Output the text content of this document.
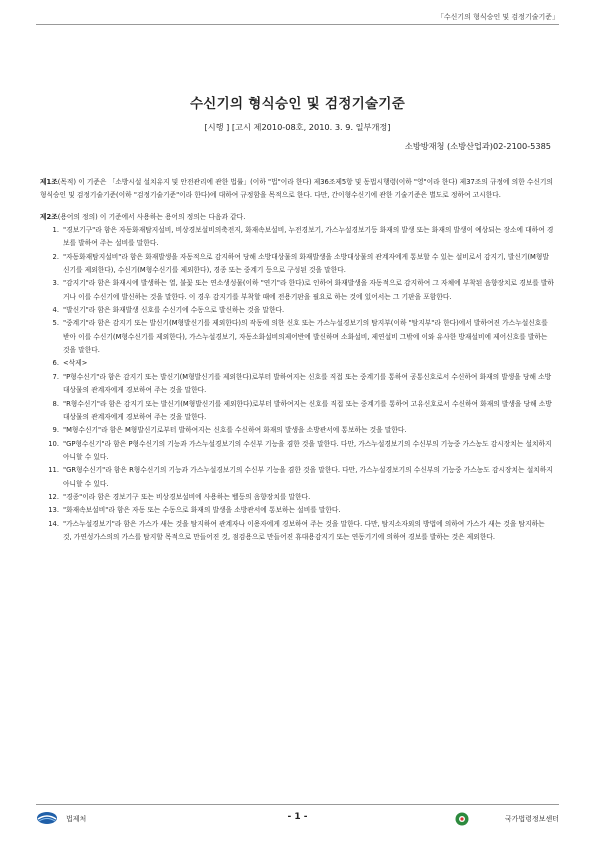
「수신기의 형식승인 및 검정기술기준」
수신기의 형식승인 및 검정기술기준
[시행 ] [고시 제2010-08호, 2010. 3. 9. 일부개정]
소방방재청 (소방산업과)02-2100-5385
제1조(목적) 이 기준은 「소방시설 설치유지 및 안전관리에 관한 법률」(이하 "법"이라 한다) 제36조제5항 및 동법시행령(이하 "영"이라 한다) 제37조의 규정에 의한 수신기의 형식승인 및 검정기술기준(이하 "검정기술기준"이라 한다)에 대하여 규정함을 목적으로 한다. 다만, 간이형수신기에 관한 기술기준은 별도로 정하여 고시한다.
제2조(용어의 정의) 이 기준에서 사용하는 용어의 정의는 다음과 같다.
1. "경보기구"라 함은 자동화재탐지설비, 비상경보설비의축전지, 화재속보설비, 누전경보기, 가스누설경보기등 화재의 발생 또는 화재의 발생이 예상되는 장소에 대하여 경보를 발하여 주는 설비를 말한다.
2. "자동화재탐지설비"라 함은 화재발생을 자동적으로 감지하여 당해 소방대상물의 화재발생을 소방대상물의 관계자에게 통보할 수 있는 설비로서 감지기, 발신기(M형발신기를 제외한다), 수신기(M형수신기를 제외한다), 경종 또는 중계기 등으로 구성된 것을 말한다.
3. "감지기"라 함은 화재시에 발생하는 열, 불꽃 또는 연소생성물(이하 "연기"라 한다)로 인하여 화재발생을 자동적으로 감지하여 그 자체에 부착된 음향장치로 경보를 발하거나 이를 수신기에 발신하는 것을 말한다. 이 경우 감지기를 부착할 때에 전용기판을 필요로 하는 것에 있어서는 그 기판을 포함한다.
4. "발신기"라 함은 화재발생 신호를 수신기에 수동으로 발신하는 것을 말한다.
5. "중계기"라 함은 감지기 또는 발신기(M형발신기를 제외한다)의 작동에 의한 신호 또는 가스누설경보기의 탐지부(이하 "탐지부"라 한다)에서 발하여진 가스누설신호를 받아 이를 수신기(M형수신기를 제외한다), 가스누설경보기, 자동소화설비의제어반에 발신하며 소화설비, 제연설비 그밖에 이와 유사한 방재설비에 제어신호를 발하는 것을 말한다.
6. <삭제>
7. "P형수신기"라 함은 감지기 또는 발신기(M형발신기를 제외한다)로부터 발하여지는 신호를 직접 또는 중계기를 통하여 공통신호로서 수신하여 화재의 발생을 당해 소방대상물의 관계자에게 경보하여 주는 것을 말한다.
8. "R형수신기"라 함은 감지기 또는 발신기(M형발신기를 제외한다)로부터 발하여지는 신호를 직접 또는 중계기를 통하여 고유신호로서 수신하여 화재의 발생을 당해 소방대상물의 관계자에게 경보하여 주는 것을 말한다.
9. "M형수신기"라 함은 M형발신기로부터 발하여지는 신호를 수신하여 화재의 발생을 소방관서에 통보하는 것을 말한다.
10. "GP형수신기"라 함은 P형수신기의 기능과 가스누설경보기의 수신부 기능을 겸한 것을 말한다. 다만, 가스누설경보기의 수신부의 기능중 가스농도 감시장치는 설치하지 아니할 수 있다.
11. "GR형수신기"라 함은 R형수신기의 기능과 가스누설경보기의 수신부 기능을 겸한 것을 말한다. 다만, 가스누설경보기의 수신부의 기능중 가스농도 감시장치는 설치하지 아니할 수 있다.
12. "경종"이라 함은 경보기구 또는 비상경보설비에 사용하는 벨등의 음향장치를 말한다.
13. "화재속보설비"라 함은 자동 또는 수동으로 화재의 발생을 소방관서에 통보하는 설비를 말한다.
14. "가스누설경보기"라 함은 가스가 새는 것을 탐지하여 관계자나 이용자에게 경보하여 주는 것을 말한다. 다만, 탐지소자외의 방법에 의하여 가스가 새는 것을 탐지하는 것, 가연성가스의의 가스를 탐지할 목적으로 만들어진 것, 점검용으로 만들어진 휴대용감지기 또는 연동기기에 의하여 경보를 발하는 것은 제외한다.
법제처	- 1 -	국가법령정보센터
